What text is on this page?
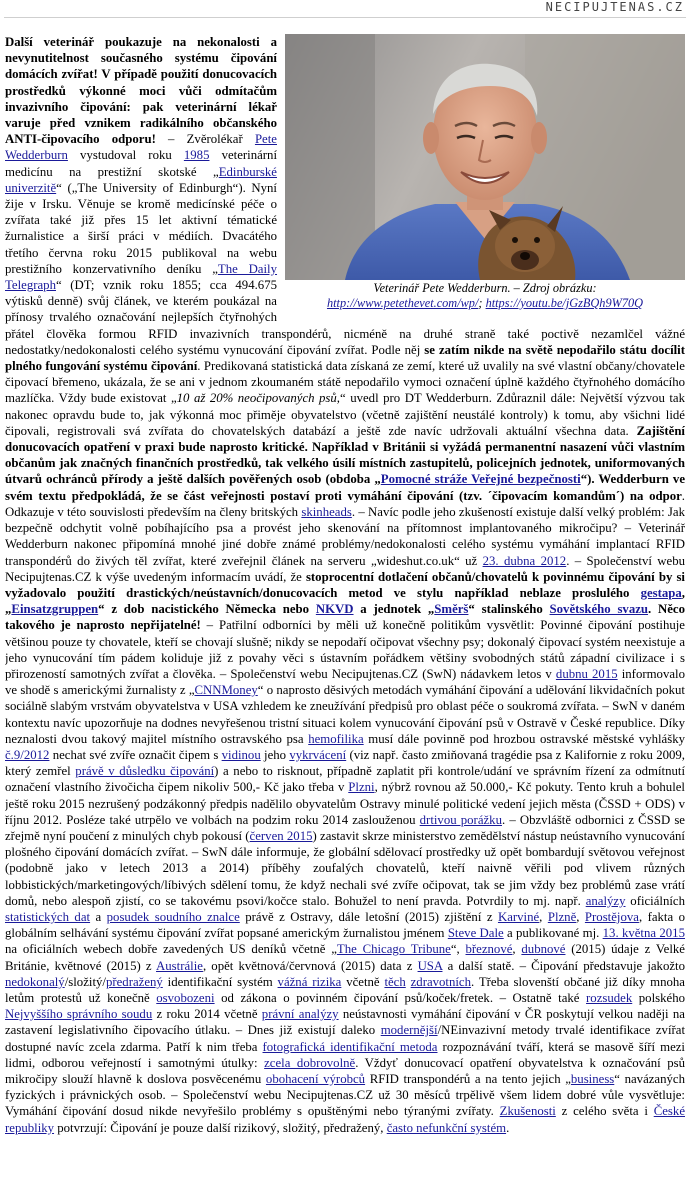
NECIPUJTENAS.CZ
Veterinář Pete Wedderburn. – Zdroj obrázku:
http://www.petethevet.com/wp/; https://youtu.be/jGzBQh9W70Q

Další veterinář poukazuje na nekonalosti a nevynutitelnost současného systému čipování domácích zvířat! V případě použití donucovacích prostředků výkonné moci vůči odmítačům invazivního čipování: pak veterinární lékař varuje před vznikem radikálního občanského ANTI-čipovacího odporu! – Zvěrolékař Pete Wedderburn vystudoval roku 1985 veterinární medicínu na prestižní skotské „Edinburské univerzitě“ („The University of Edinburgh“). Nyní žije v Irsku. Věnuje se kromě medicínské péče o zvířata také již přes 15 let aktivní tématické žurnalistice a širší práci v médiích. Dvacátého třetího června roku 2015 publikoval na webu prestižního konzervativního deníku „The Daily Telegraph“ (DT; vznik roku 1855; cca 494.675 výtisků denně) svůj článek, ve kterém poukázal na přínosy trvalého označování nejlepších čtyřnohých přátel člověka formou RFID invazivních transpondérů, nicméně na druhé straně také poctivě nezamlčel vážné nedostatky/nedokonalosti celého systému vynucování čipování zvířat. Podle něj se zatím nikde na světě nepodařilo státu docílit plného fungování systému čipování. Predikovaná statistická data získaná ze zemí, které už uvalily na své vlastní občany/chovatele čipovací břemeno, ukázala, že se ani v jednom zkoumaném státě nepodařilo vymoci označení úplně každého čtyřnohého domácího mazlíčka. Vždy bude existovat „10 až 20% neočipovaných psů,“ uvedl pro DT Wedderburn. Zdůraznil dále: Největší výzvou tak nakonec opravdu bude to, jak výkonná moc přiměje obyvatelstvo (včetně zajištění neustálé kontroly) k tomu, aby všichni lidé čipovali, registrovali svá zvířata do chovatelských databází a ještě zde navíc udržovali aktuální všechna data. Zajištění donucovacích opatření v praxi bude naprosto kritické. Například v Británii si vyžádá permanentní nasazení vůči vlastním občanům jak značných finančních prostředků, tak velkého úsilí místních zastupitelů, policejních jednotek, uniformovaných útvarů ochránců přírody a ještě dalších pověřených osob (obdoba „Pomocné stráže Veřejné bezpečnosti“). Wedderburn ve svém textu předpokládá, že se část veřejnosti postaví proti vymáhání čipování (tzv. ´čipovacím komandům´) na odpor. Odkazuje v této souvislosti především na členy britských skinheads. – Navíc podle jeho zkušeností existuje další velký problém: Jak bezpečně odchytit volně pobíhajícího psa a provést jeho skenování na přítomnost implantovaného mikročipu? – Veterinář Wedderburn nakonec připomíná mnohé jiné dobře známé problémy/nedokonalosti celého systému vymáhání implantací RFID transpondérů do živých těl zvířat, které zveřejnil článek na serveru „wideshut.co.uk“ už 23. dubna 2012. – Společenství webu Necipujtenas.CZ k výše uvedeným informacím uvádí, že stoprocentní dotlačení občanů/chovatelů k povinnému čipování by si vyžadovalo použití drastických/neústavních/donucovacích metod ve stylu například neblaze proslulého gestapa, „Einsatzgruppen“ z dob nacistického Německa nebo NKVD a jednotek „Směrš“ stalinského Sovětského svazu. Něco takového je naprosto nepřijatelné! – Patřilní odborníci by měli už konečně politikům vysvětlit: Povinné čipování postihuje většinou pouze ty chovatele, kteří se chovají slušně; nikdy se nepodaří očipovat všechny psy; dokonalý čipovací systém neexistuje a jeho vynucování tím pádem koliduje již z povahy věci s ústavním pořádkem většiny svobodných států západní civilizace i s přirozeností samotných zvířat a člověka. – Společenství webu Necipujtenas.CZ (SwN) nádavkem letos v dubnu 2015 informovalo ve shodě s americkými žurnalisty z „CNNMoney“ o naprosto děsivých metodách vymáhání čipování a udělování likvidačních pokut sociálně slabým vrstvám obyvatelstva v USA vzhledem ke zneužívání předpisů pro oblast péče o soukromá zvířata. – SwN v daném kontextu navíc upozorňuje na dodnes nevyřešenou tristní situaci kolem vynucování čipování psů v Ostravě v České republice. Díky neznalosti dvou takový majitel místního ostravského psa hemofilika musí dále povinně pod hrozbou ostravské městské vyhlášky č.9/2012 nechat své zvíře označit čipem s vidinou jeho vykrvácení (viz např. často zmiňovaná tragédie psa z Kalifornie z roku 2009, který zemřel právě v důsledku čipování) a nebo to risknout, případně zaplatit při kontrole/udání ve správním řízení za odmítnutí označení vlastního živočicha čipem nikoliv 500,- Kč jako třeba v Plzni, nýbrž rovnou až 50.000,- Kč pokuty. Tento kruh a bohulel ještě roku 2015 nezrušený podzákonný předpis nadělilo obyvatelům Ostravy minulé politické vedení jejich města (ČSSD + ODS) v říjnu 2012. Posléze také utrpělo ve volbách na podzim roku 2014 zaslouženou drtivou porážku. – Obzvláště odbornici z ČSSD se zřejmě nyní poučení z minulých chyb pokousí (červen 2015) zastavit skrze ministerstvo zemědělství nástup neústavního vynucování plošného čipování domácích zvířat. – SwN dále informuje, že globální sdělovací prostředky už opět bombardují světovou veřejnost (podobně jako v letech 2013 a 2014) příběhy zoufalých chovatelů, kteří naivně věřili pod vlivem různých lobbistických/marketingových/líbivých sdělení tomu, že když nechali své zvíře očipovat, tak se jim vždy bez problémů zase vrátí domů, nebo alespoň zjistí, co se takovému psovi/kočce stalo. Bohužel to není pravda. Potvrdily to mj. např. analýzy oficiálních statistických dat a posudek soudního znalce právě z Ostravy, dále letošní (2015) zjištění z Karviné, Plzně, Prostějova, fakta o globálním selhávání systému čipování zvířat popsané americkým žurnalistou jménem Steve Dale a publikované mj. 13. května 2015 na oficiálních webech dobře zavedených US deníků včetně „The Chicago Tribune“, březnové, dubnové (2015) údaje z Velké Británie, květnové (2015) z Austrálie, opět květnová/červnová (2015) data z USA a další statě. – Čipování představuje jakožto nedokonalý/složitý/předražený identifikační systém vážná rizika včetně těch zdravotních. Třeba slovenští občané již díky mnoha letům protestů už konečně osvobozeni od zákona o povinném čipování psů/koček/fretek. – Ostatně také rozsudek polského Nejvyššího správního soudu z roku 2014 včetně právní analýzy neústavnosti vymáhání čipování v ČR poskytují velkou naději na zastavení legislativního čipovacího útlaku. – Dnes již existují daleko modernější/NEinvazivní metody trvalé identifikace zvířat dostupné navíc zcela zdarma. Patří k nim třeba fotografická identifikační metoda rozpoznávání tváří, která se masově šíří mezi lidmi, odborou veřejností i samotnými útulky: zcela dobrovolně. Vždyť donucovací opatření obyvatelstva k označování psů mikročipy slouží hlavně k doslova posvěcenému obohacení výrobců RFID transpondérů a na tento jejich „business“ navázaných fyzických i právnických osob. – Společenství webu Necipujtenas.CZ už 30 měsíců trpělivě všem lidem dobré vůle vysvětluje: Vymáhání čipování dosud nikde nevyřešilo problémy s opuštěnými nebo týranými zvířaty. Zkušenosti z celého světa i České republiky potvrzují: Čipování je pouze další rizikový, složitý, předražený, často nefunkční systém.
